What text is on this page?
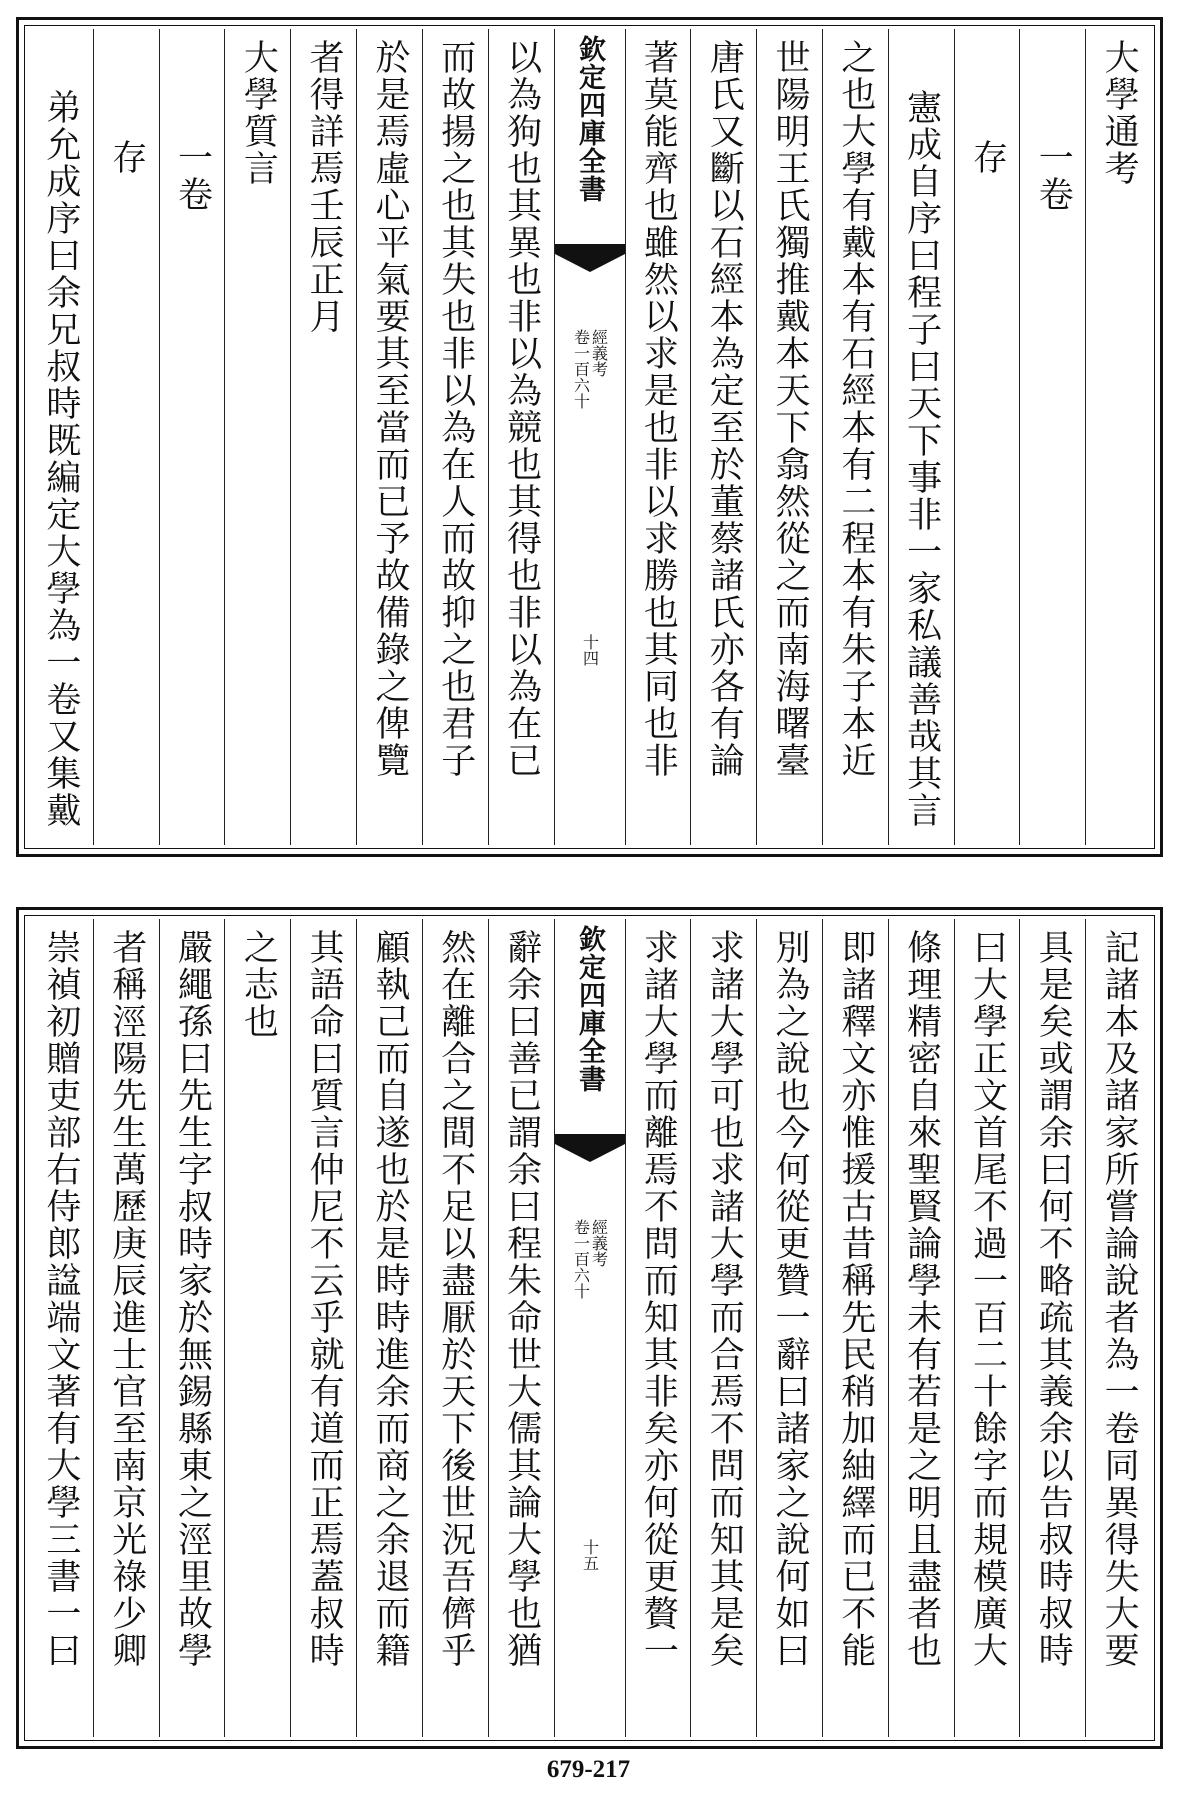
大學通考
一卷
存
憲成自序曰程子曰天下事非一家私議善哉其言
之也大學有戴本有石經本有二程本有朱子本近
世陽明王氏獨推戴本天下翕然從之而南海曙臺
唐氏又斷以石經本為定至於董蔡諸氏亦各有論
著莫能齊也雖然以求是也非以求勝也其同也非
欽定四庫全書
經義考
卷一百六十
十四
以為狗也其異也非以為競也其得也非以為在已
而故揚之也其失也非以為在人而故抑之也君子
於是焉虛心平氣要其至當而已予故備錄之俾覽
者得詳焉壬辰正月
大學質言
一卷
存
弟允成序曰余兄叔時既編定大學為一卷又集戴
記諸本及諸家所嘗論說者為一卷同異得失大要
具是矣或謂余曰何不略疏其義余以告叔時叔時
曰大學正文首尾不過一百二十餘字而規模廣大
條理精密自來聖賢論學未有若是之明且盡者也
即諸釋文亦惟援古昔稱先民稍加紬繹而已不能
別為之說也今何從更贊一辭曰諸家之說何如曰
求諸大學可也求諸大學而合焉不問而知其是矣
求諸大學而離焉不問而知其非矣亦何從更贅一
欽定四庫全書
經義考
卷一百六十
十五
辭余曰善已謂余曰程朱命世大儒其論大學也猶
然在離合之間不足以盡厭於天下後世況吾儕乎
顧執己而自遂也於是時時進余而商之余退而籍
其語命曰質言仲尼不云乎就有道而正焉蓋叔時
之志也
嚴繩孫曰先生字叔時家於無錫縣東之涇里故學
者稱涇陽先生萬歷庚辰進士官至南京光祿少卿
崇禎初贈吏部右侍郎諡端文著有大學三書一曰
679-217
